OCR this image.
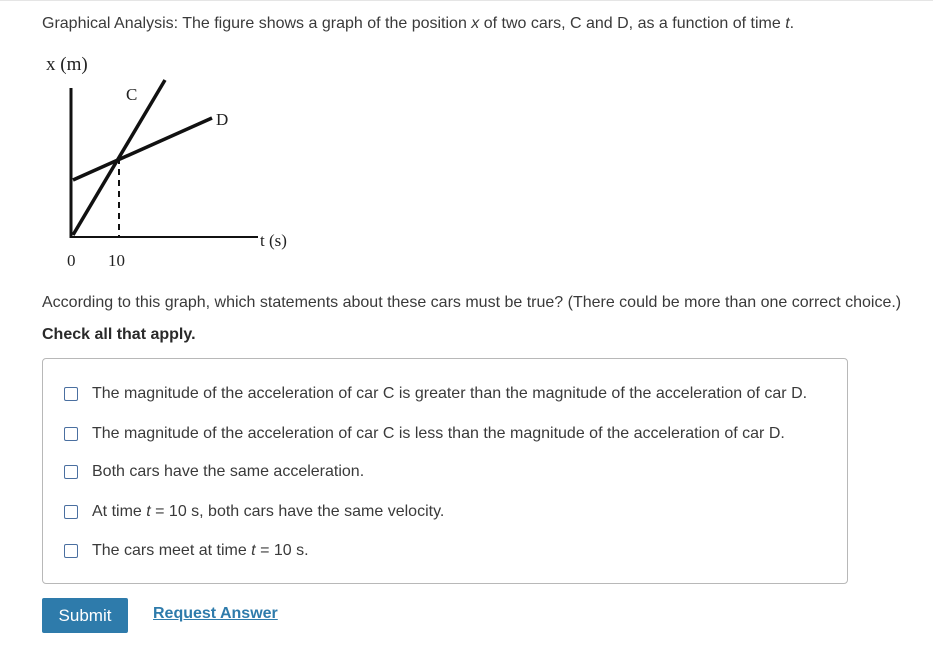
Graphical Analysis: The figure shows a graph of the position x of two cars, C and D, as a function of time t.
x (m)
t (s)
C
D
0 10
According to this graph, which statements about these cars must be true? (There could be more than one correct choice.)
Check all that apply.
The magnitude of the acceleration of car C is greater than the magnitude of the acceleration of car D.
The magnitude of the acceleration of car C is less than the magnitude of the acceleration of car D.
Both cars have the same acceleration.
At time t = 10 s, both cars have the same velocity.
The cars meet at time t = 10 s.
Submit	Request Answer
